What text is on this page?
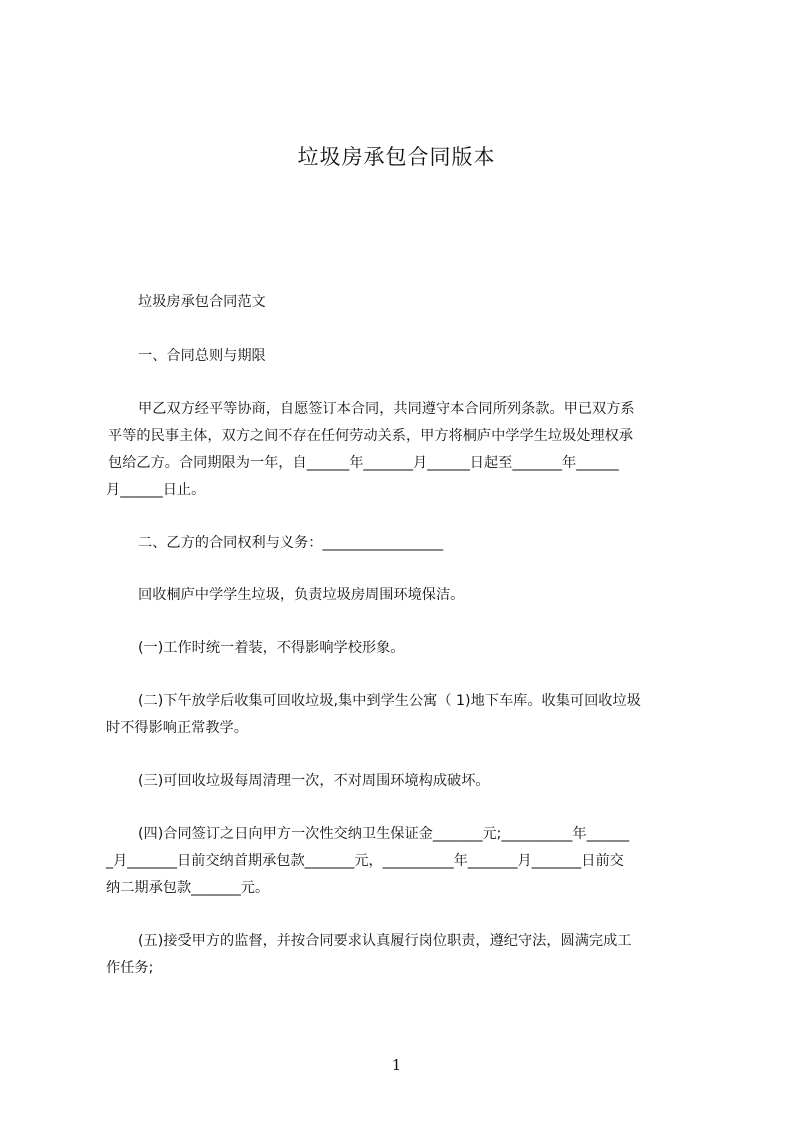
垃圾房承包合同版本
垃圾房承包合同范文
一、合同总则与期限
甲乙双方经平等协商，自愿签订本合同，共同遵守本合同所列条款。甲已双方系
平等的民事主体，双方之间不存在任何劳动关系，甲方将桐庐中学学生垃圾处理权承
包给乙方。合同期限为一年，自______年_______月______日起至_______年______
月______日止。
二、乙方的合同权利与义务：_________________
回收桐庐中学学生垃圾，负责垃圾房周围环境保洁。
(一)工作时统一着装，不得影响学校形象。
(二)下午放学后收集可回收垃圾,集中到学生公寓（ 1)地下车库。收集可回收垃圾
时不得影响正常教学。
(三)可回收垃圾每周清理一次，不对周围环境构成破坏。
(四)合同签订之日向甲方一次性交纳卫生保证金_______元;__________年______
_月_______日前交纳首期承包款_______元，__________年_______月_______日前交
纳二期承包款_______元。
(五)接受甲方的监督，并按合同要求认真履行岗位职责，遵纪守法，圆满完成工
作任务;
1
